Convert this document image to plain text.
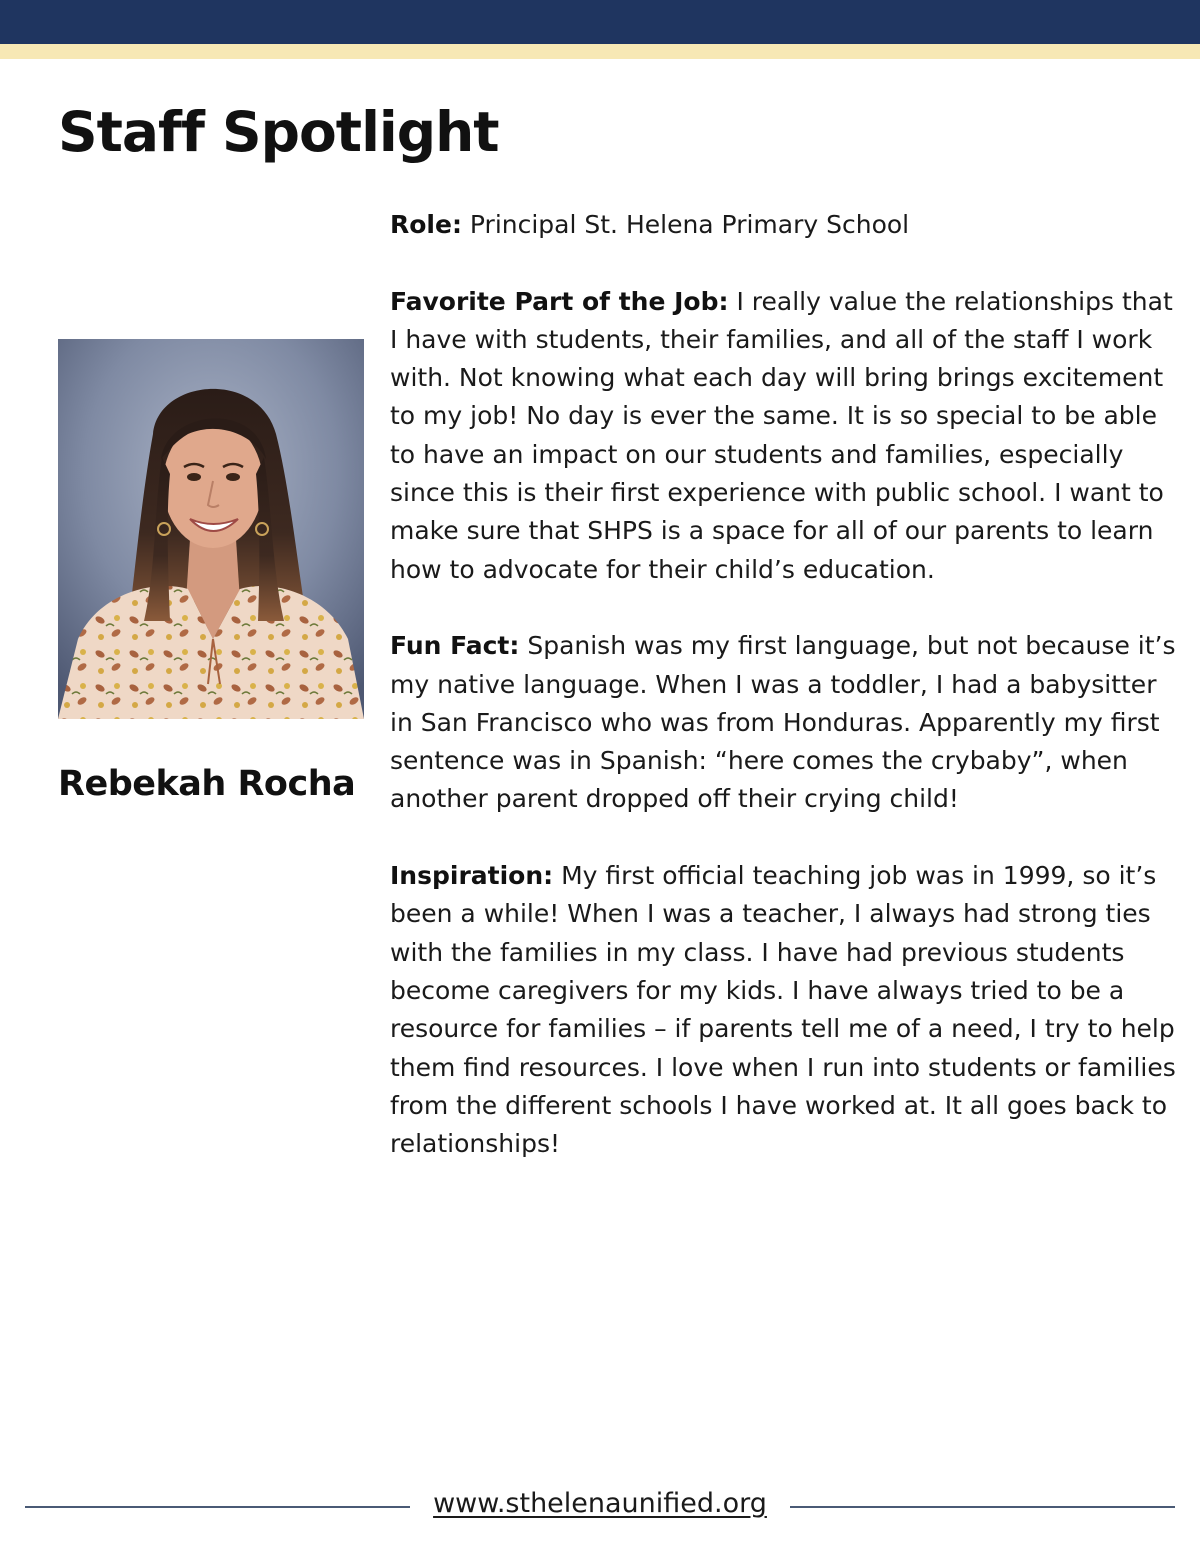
Staff Spotlight
Rebekah Rocha

Role: Principal St. Helena Primary School

Favorite Part of the Job: I really value the relationships that I have with students, their families, and all of the staff I work with. Not knowing what each day will bring brings excitement to my job! No day is ever the same. It is so special to be able to have an impact on our students and families, especially since this is their first experience with public school. I want to make sure that SHPS is a space for all of our parents to learn how to advocate for their child’s education.

Fun Fact: Spanish was my first language, but not because it’s my native language. When I was a toddler, I had a babysitter in San Francisco who was from Honduras. Apparently my first sentence was in Spanish: “here comes the crybaby”, when another parent dropped off their crying child!

Inspiration: My first official teaching job was in 1999, so it’s been a while! When I was a teacher, I always had strong ties with the families in my class. I have had previous students become caregivers for my kids. I have always tried to be a resource for families – if parents tell me of a need, I try to help them find resources. I love when I run into students or families from the different schools I have worked at. It all goes back to relationships!

www.sthelenaunified.org
